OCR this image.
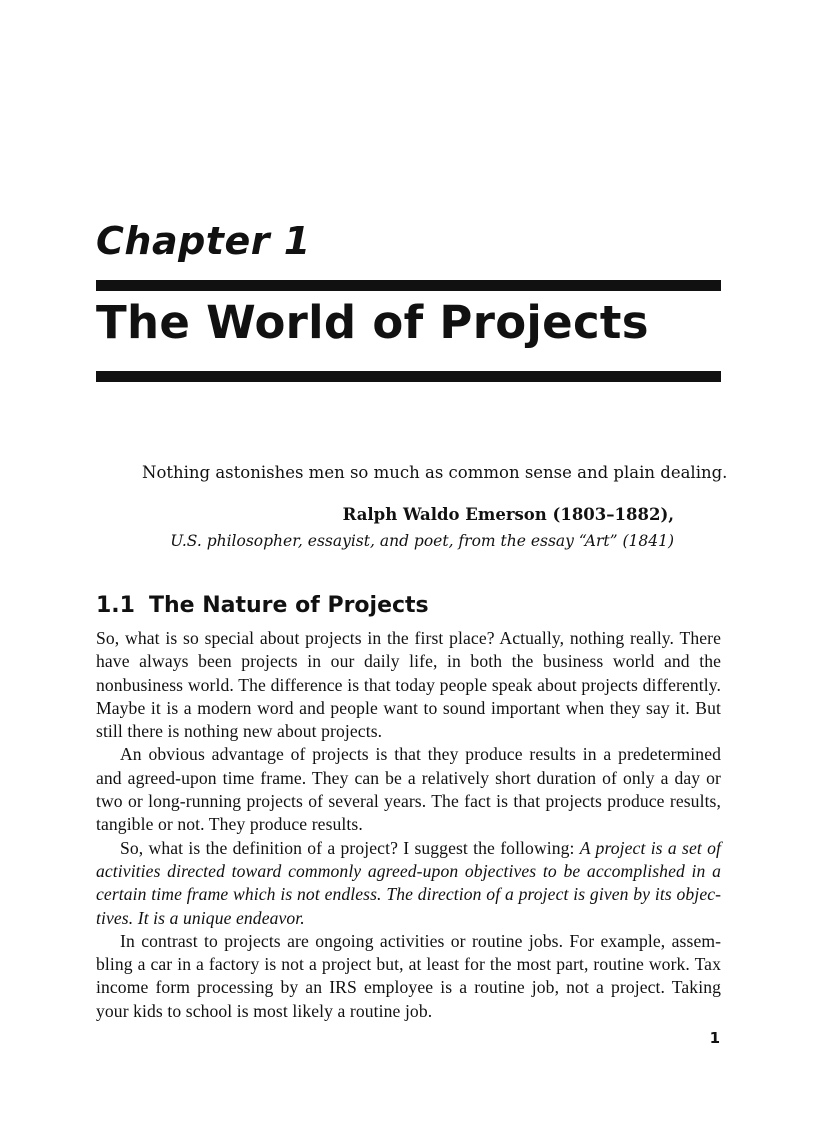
Chapter 1
The World of Projects

Nothing astonishes men so much as common sense and plain dealing.

Ralph Waldo Emerson (1803–1882),
U.S. philosopher, essayist, and poet, from the essay “Art” (1841)
1.1 The Nature of Projects

So, what is so special about projects in the first place? Actually, nothing really. There have always been projects in our daily life, in both the business world and the nonbusiness world. The difference is that today people speak about projects differently. Maybe it is a modern word and people want to sound important when they say it. But still there is nothing new about projects.

An obvious advantage of projects is that they produce results in a predetermined and agreed-upon time frame. They can be a relatively short duration of only a day or two or long-running projects of several years. The fact is that projects produce results, tangible or not. They produce results.

So, what is the definition of a project? I suggest the following: A project is a set of activities directed toward commonly agreed-upon objectives to be accomplished in a certain time frame which is not endless. The direction of a project is given by its objectives. It is a unique endeavor.

In contrast to projects are ongoing activities or routine jobs. For example, assembling a car in a factory is not a project but, at least for the most part, routine work. Tax income form processing by an IRS employee is a routine job, not a project. Taking your kids to school is most likely a routine job.

1
